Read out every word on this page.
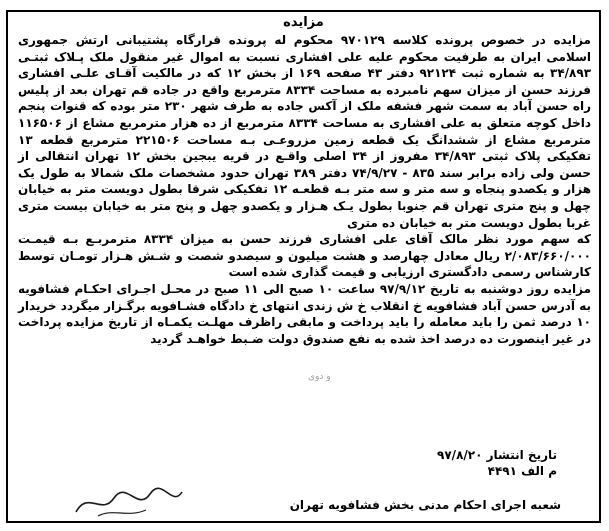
مزایده

مزایده در خصوص پرونده کلاسه ۹۷۰۱۲۹ محکوم له پرونده قرارگاه پشتیبانی ارتش جمهوری اسلامی ایران به طرفیت محکوم علیه علی افشاری نسبت به اموال غیر منقول ملک پـلاک ثبتـی ۳۴/۸۹۳ به شماره ثبت ۹۲۱۲۴ دفتر ۴۳ صفحه ۱۶۹ از بخش ۱۲ که در مالکیت آقـای علـی افشاری فرزند حسن از میزان سهم نامبرده به مساحت ۸۳۳۴ مترمربع واقع در جاده قم تهران بعد از پلیس راه حسن آباد به سمت شهر فشفه ملک از آکس جاده به طرف شهر ۲۳۰ متر بوده که قنوات پنجم داخل کوچه متعلق به علی افشاری به مساحت ۸۳۳۴ مترمربع از ده هزار مترمربع مشاع از ۱۱۶۵۰۶ مترمربع مشاع از ششدانگ یک قطعه زمین مزروعـی بـه مساحت ۲۲۱۵۰۶ مترمربع قطعه ۱۳ تفکیکی پلاک ثبتی ۳۴/۸۹۳ مفروز از ۳۴ اصلی واقـع در قریه یبجین بخش ۱۲ تهران انتقالی از حسن ولی زاده برابر سند ۸۳۵ - ۷۴/۹/۲۷ دفتر ۳۸۹ تهران حدود مشخصات ملک شمالا به طول یک هزار و یکصدو پنجاه و سه متر و سه متر بـه قطعـه ۱۲ تفکیکی شرقا بطول دویست متر به خیابان چهل و پنج متری تهران قم جنوبا بطول یـک هـزار و یکصدو چهل و پنج متر به خیابان بیست متری غربا بطول دویست متر به خیابان ده متری

که سهم مورد نظر مالک آقای علی افشاری فرزند حسن به میزان ۸۳۳۴ مترمربـع بـه قیمـت ۲/۰۸۳/۶۶۰/۰۰۰ ریال معادل چهارصد و هشت میلیون و سیصدو شصت و شـش هـزار تومـان توسط کارشناس رسمی دادگستری ارزیابی و قیمت گذاری شده است

مزایده روز دوشنبه به تاریخ ۹۷/۹/۱۲ ساعت ۱۰ صبح الی ۱۱ صبح در محـل اجـرای احکـام فشافویه به آدرس حسن آباد فشافویه خ انقلاب خ ش زندی انتهای خ دادگاه فشـافویه برگـزار میگردد خریدار ۱۰ درصد ثمن را باید معامله را باید پرداخت و مابقی راظرف مهلـت یکمـاه از تاریخ مزایده پرداخت در غیر اینصورت ده درصد اخذ شده به نفع صندوق دولت ضـبط خواهـد گردید

تاریخ انتشار ۹۷/۸/۲۰
م الف ۴۴۹۱
شعبه اجرای احکام مدنی بخش فشافویه تهران
و دوی
